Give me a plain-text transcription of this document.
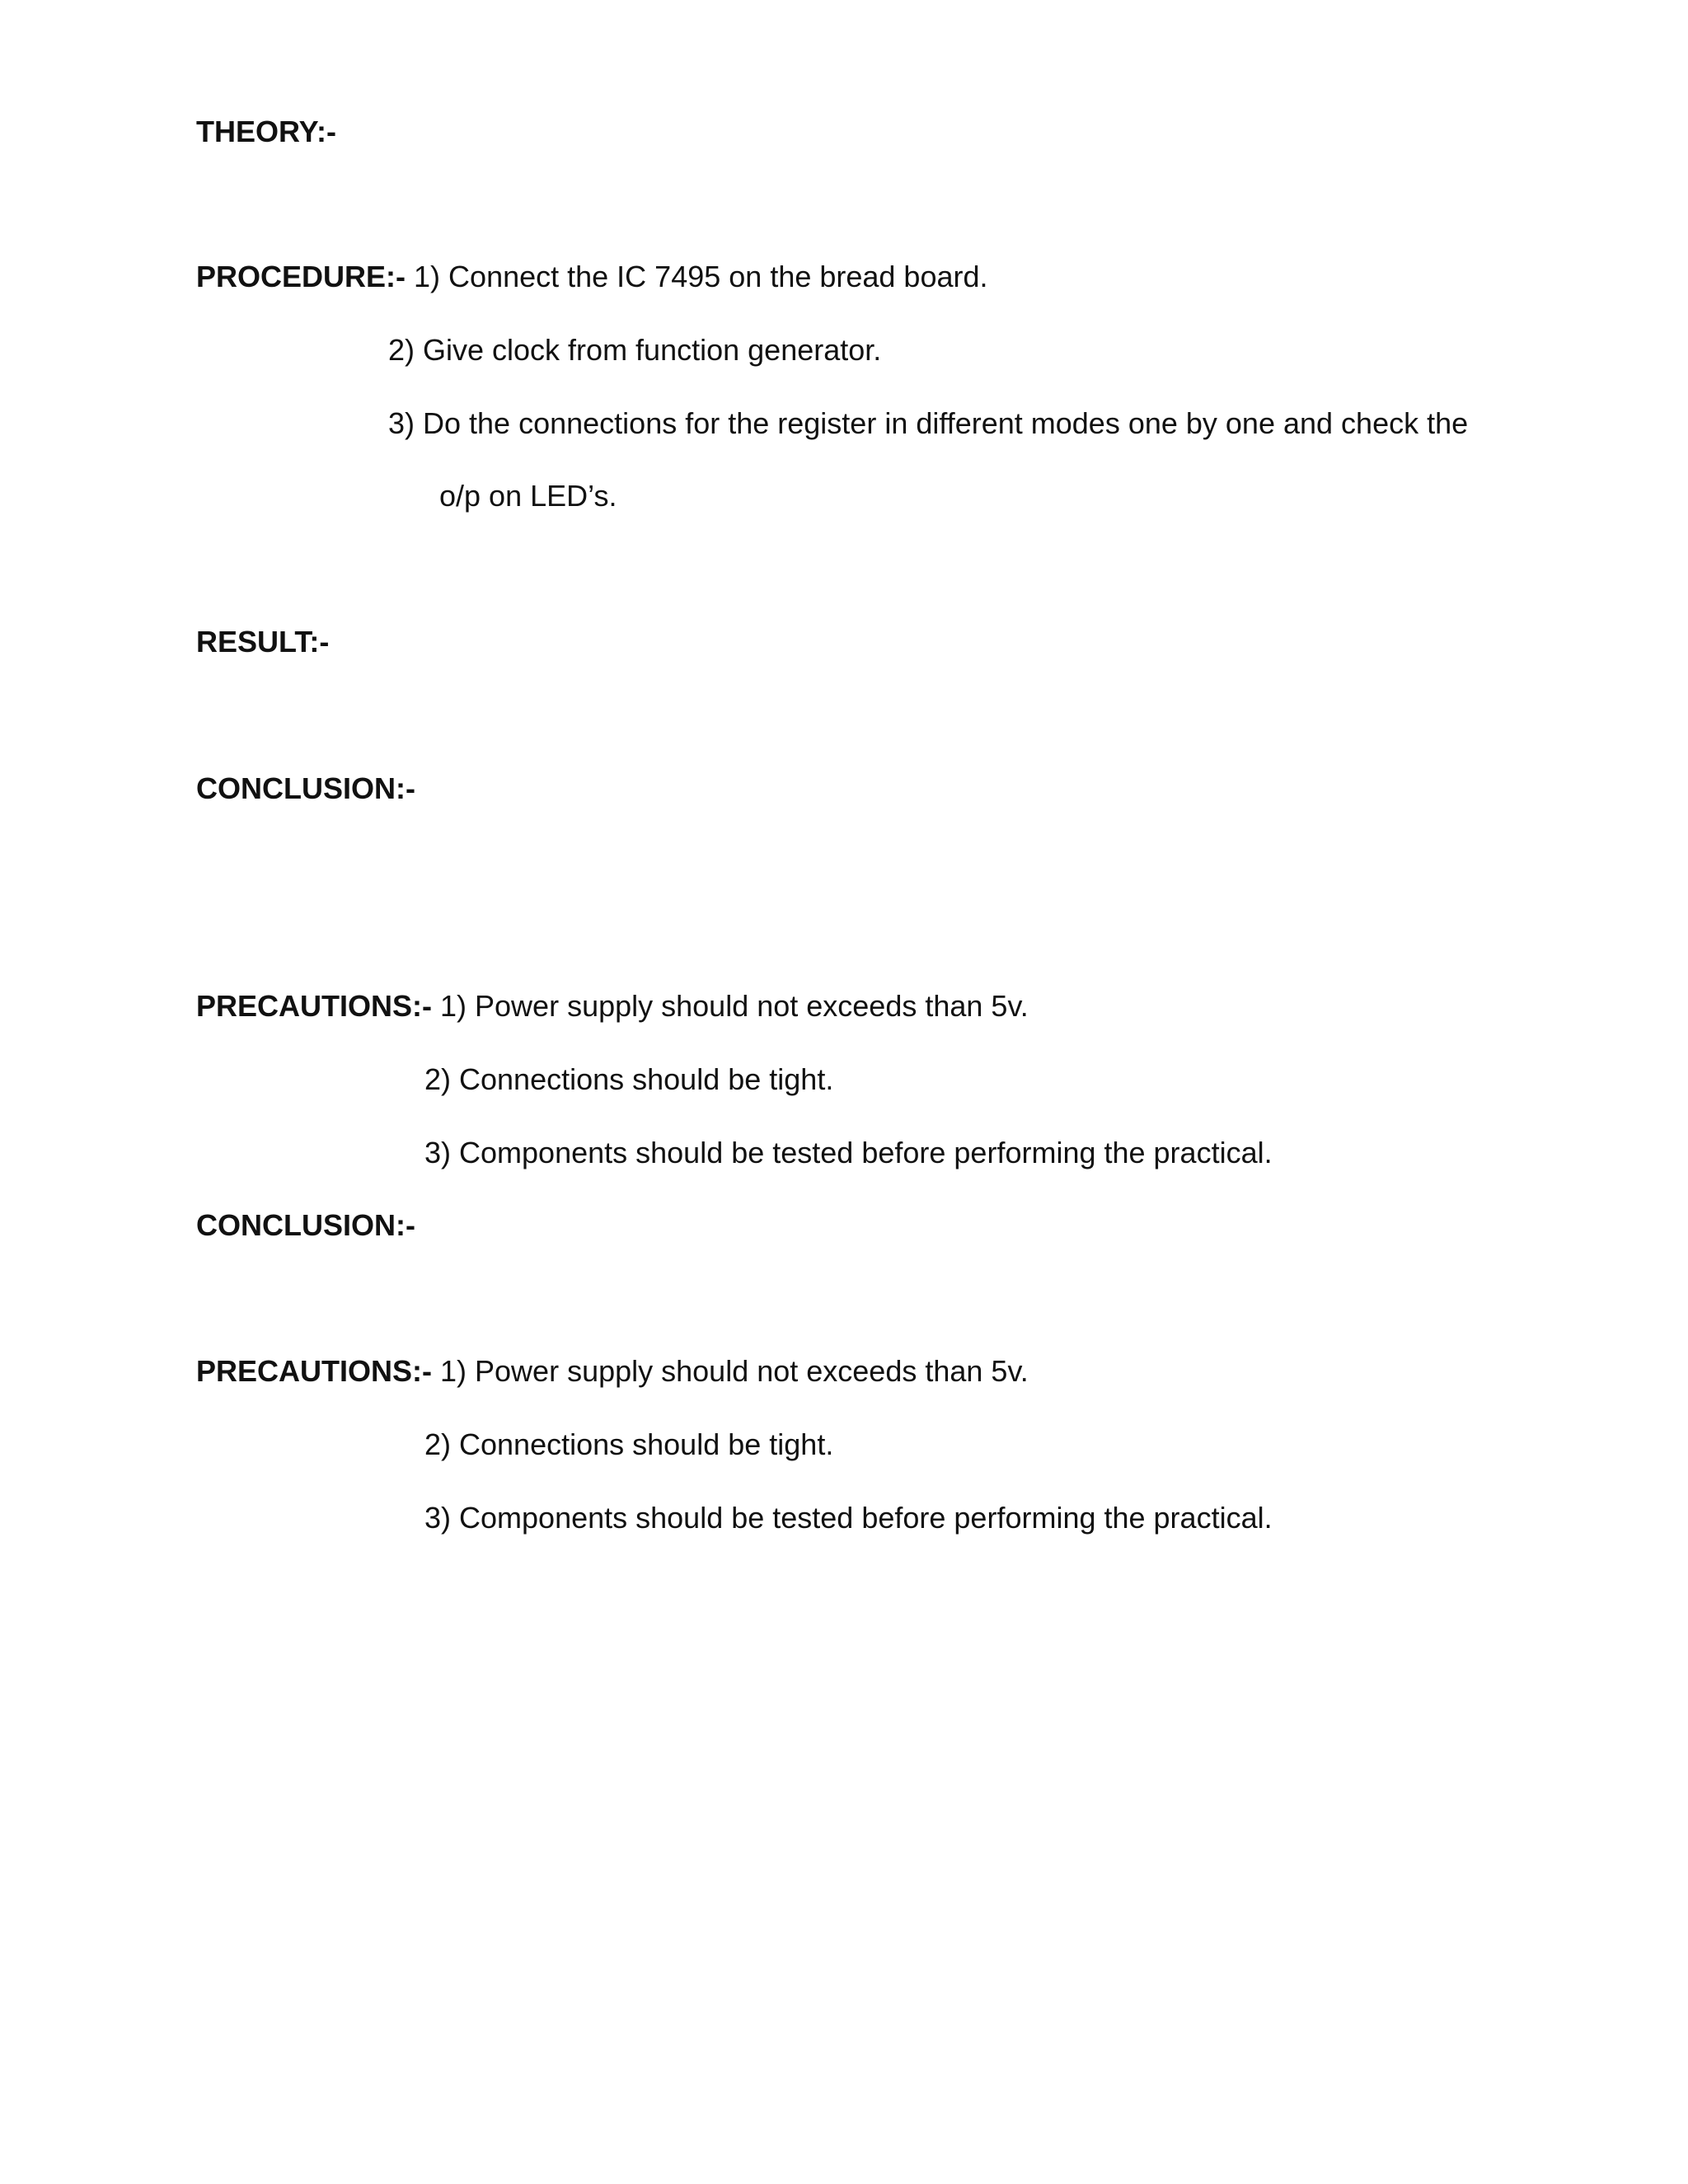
THEORY:-
PROCEDURE:- 1) Connect the IC 7495 on the bread board.
2) Give clock from function generator.
3) Do the connections for the register in different modes one by one and check the
o/p on LED’s.
RESULT:-
CONCLUSION:-
PRECAUTIONS:- 1) Power supply should not exceeds than 5v.
2) Connections should be tight.
3) Components should be tested before performing the practical.
CONCLUSION:-
PRECAUTIONS:- 1) Power supply should not exceeds than 5v.
2) Connections should be tight.
3) Components should be tested before performing the practical.
